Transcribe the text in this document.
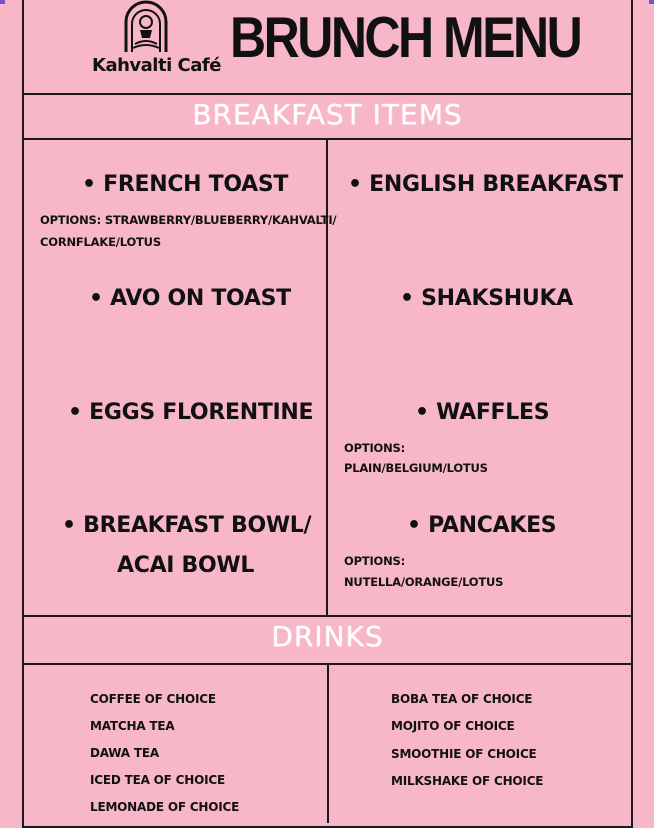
Kahvalti Café BRUNCH MENU
BREAKFAST ITEMS
• FRENCH TOAST
OPTIONS: STRAWBERRY/BLUEBERRY/KAHVALTI/
CORNFLAKE/LOTUS
• AVO ON TOAST
• EGGS FLORENTINE
• BREAKFAST BOWL/
ACAI BOWL
• ENGLISH BREAKFAST
• SHAKSHUKA
• WAFFLES
OPTIONS:
PLAIN/BELGIUM/LOTUS
• PANCAKES
OPTIONS:
NUTELLA/ORANGE/LOTUS
DRINKS
COFFEE OF CHOICE
MATCHA TEA
DAWA TEA
ICED TEA OF CHOICE
LEMONADE OF CHOICE
BOBA TEA OF CHOICE
MOJITO OF CHOICE
SMOOTHIE OF CHOICE
MILKSHAKE OF CHOICE
